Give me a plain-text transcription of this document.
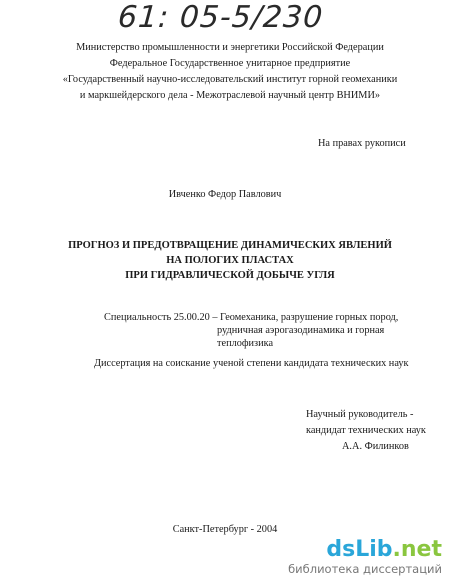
61: 05-5/230
Министерство промышленности и энергетики Российской Федерации
Федеральное Государственное унитарное предприятие
«Государственный научно-исследовательский институт горной геомеханики
и маркшейдерского дела - Межотраслевой научный центр ВНИМИ»
На правах рукописи
Ивченко Федор Павлович
ПРОГНОЗ И ПРЕДОТВРАЩЕНИЕ ДИНАМИЧЕСКИХ ЯВЛЕНИЙ
НА ПОЛОГИХ ПЛАСТАХ
ПРИ ГИДРАВЛИЧЕСКОЙ ДОБЫЧЕ УГЛЯ
Специальность 25.00.20 – Геомеханика, разрушение горных пород,
рудничная аэрогазодинамика и горная
теплофизика
Диссертация на соискание ученой степени кандидата технических наук
Научный руководитель -
кандидат технических наук
А.А. Филинков
Санкт-Петербург - 2004
dsLib.net
библиотека диссертаций
